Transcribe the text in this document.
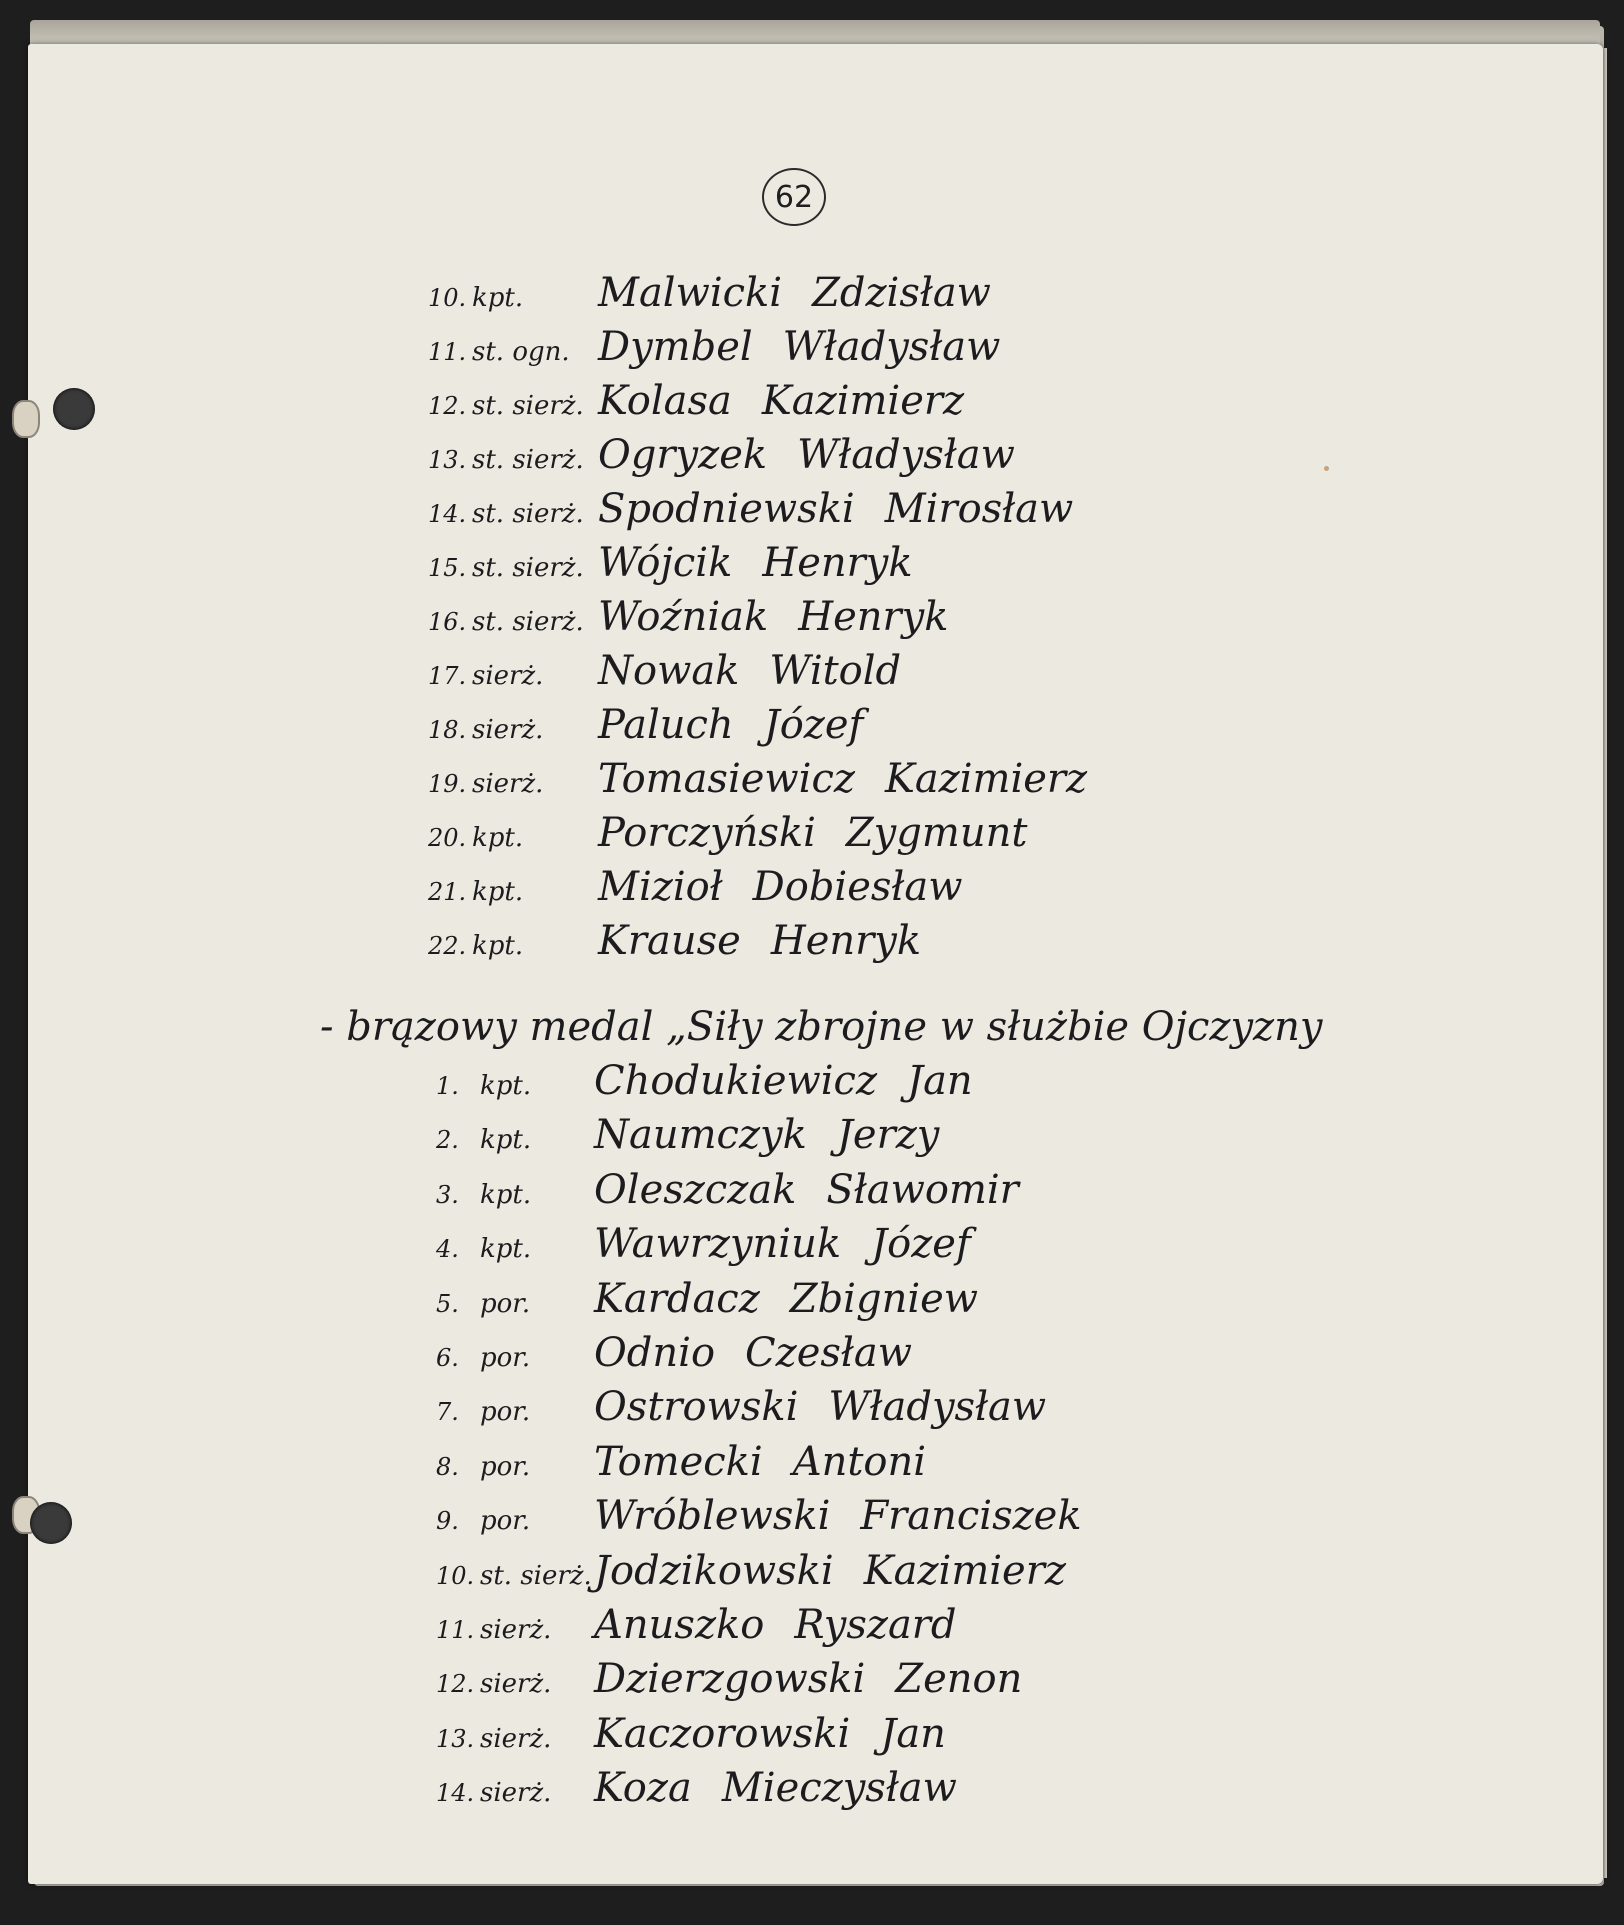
62
10. kpt.	Malwicki Zdzisław
11. st. ogn. Dymbel Władysław
12. st. sierż. Kolasa Kazimierz
13. st. sierż. Ogryzek Władysław
14. st. sierż. Spodniewski Mirosław
15. st. sierż. Wójcik Henryk
16. st. sierż. Woźniak Henryk
17. sierż.	Nowak Witold
18. sierż.	Paluch Józef
19. sierż.	Tomasiewicz Kazimierz
20. kpt.	Porczyński Zygmunt
21. kpt.	Mizioł Dobiesław
22. kpt.	Krause Henryk
- brązowy medal „Siły zbrojne w służbie Ojczyzny
1. kpt.	Chodukiewicz Jan
2. kpt.	Naumczyk Jerzy
3. kpt.	Oleszczak Sławomir
4. kpt.	Wawrzyniuk Józef
5. por.	Kardacz Zbigniew
6. por.	Odnio Czesław
7. por.	Ostrowski Władysław
8. por.	Tomecki Antoni
9. por.	Wróblewski Franciszek
10. st. sierż. Jodzikowski Kazimierz
11. sierż.	Anuszko Ryszard
12. sierż.	Dzierzgowski Zenon
13. sierż.	Kaczorowski Jan
14. sierż.	Koza Mieczysław
